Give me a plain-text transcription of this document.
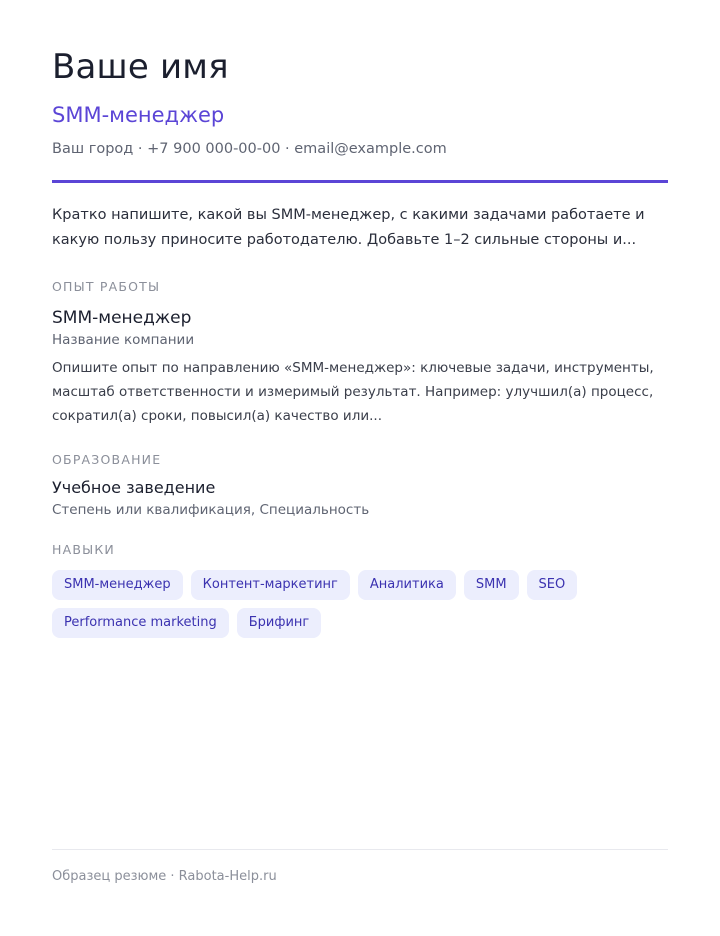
Ваше имя
SMM-менеджер
Ваш город · +7 900 000-00-00 · email@example.com
Кратко напишите, какой вы SMM-менеджер, с какими задачами работаете и какую пользу приносите работодателю. Добавьте 1–2 сильные стороны и...
ОПЫТ РАБОТЫ
SMM-менеджер
Название компании
Опишите опыт по направлению «SMM-менеджер»: ключевые задачи, инструменты, масштаб ответственности и измеримый результат. Например: улучшил(а) процесс, сократил(а) сроки, повысил(а) качество или...
ОБРАЗОВАНИЕ
Учебное заведение
Степень или квалификация, Специальность
НАВЫКИ
SMM-менеджер	Контент-маркетинг	Аналитика	SMM	SEO
Performance marketing	Брифинг
Образец резюме · Rabota-Help.ru
